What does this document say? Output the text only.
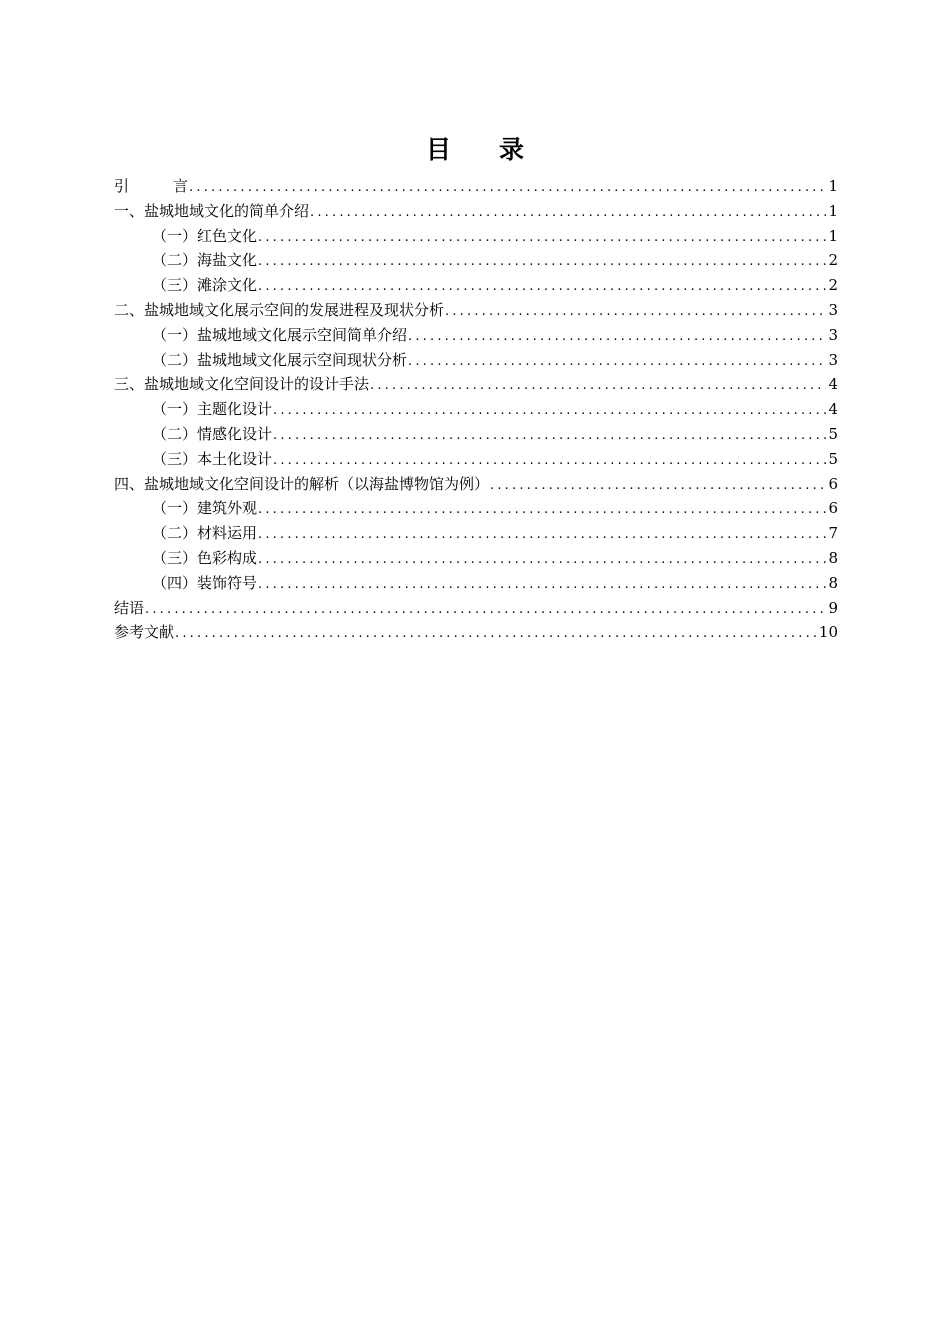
目 录
引	言 .....	1
一、盐城地域文化的简单介绍 .....	1
（一）红色文化 .....	1
（二）海盐文化 .....	2
（三）滩涂文化 .....	2
二、盐城地域文化展示空间的发展进程及现状分析 .....	3
（一）盐城地域文化展示空间简单介绍 .....	3
（二）盐城地域文化展示空间现状分析 .....	3
三、盐城地域文化空间设计的设计手法 .....	4
（一）主题化设计 .....	4
（二）情感化设计 .....	5
（三）本土化设计 .....	5
四、盐城地域文化空间设计的解析（以海盐博物馆为例） .....	6
（一）建筑外观 .....	6
（二）材料运用 .....	7
（三）色彩构成 .....	8
（四）装饰符号 .....	8
结语 .....	9
参考文献 .....	10
